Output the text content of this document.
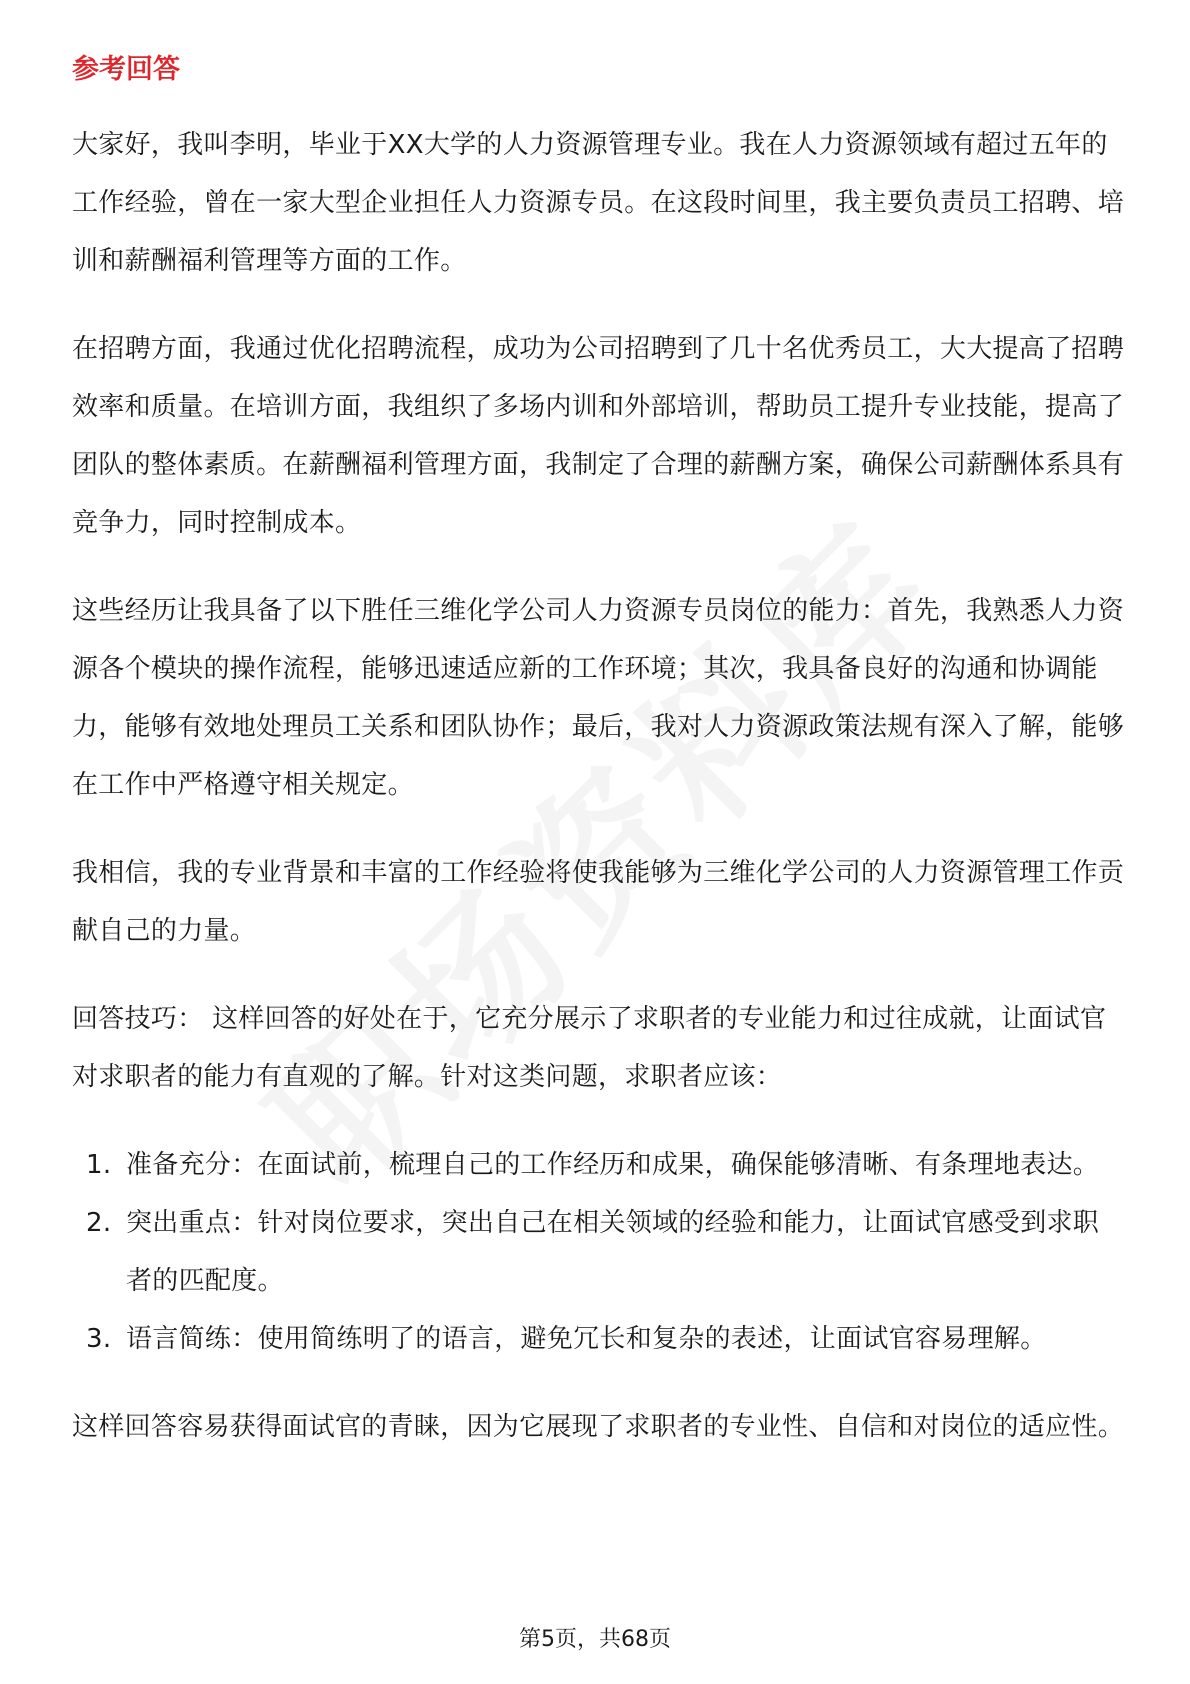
参考回答

大家好，我叫李明，毕业于XX大学的人力资源管理专业。我在人力资源领域有超过五年的工作经验，曾在一家大型企业担任人力资源专员。在这段时间里，我主要负责员工招聘、培训和薪酬福利管理等方面的工作。

在招聘方面，我通过优化招聘流程，成功为公司招聘到了几十名优秀员工，大大提高了招聘效率和质量。在培训方面，我组织了多场内训和外部培训，帮助员工提升专业技能，提高了团队的整体素质。在薪酬福利管理方面，我制定了合理的薪酬方案，确保公司薪酬体系具有竞争力，同时控制成本。

这些经历让我具备了以下胜任三维化学公司人力资源专员岗位的能力：首先，我熟悉人力资源各个模块的操作流程，能够迅速适应新的工作环境；其次，我具备良好的沟通和协调能力，能够有效地处理员工关系和团队协作；最后，我对人力资源政策法规有深入了解，能够在工作中严格遵守相关规定。

我相信，我的专业背景和丰富的工作经验将使我能够为三维化学公司的人力资源管理工作贡献自己的力量。

回答技巧： 这样回答的好处在于，它充分展示了求职者的专业能力和过往成就，让面试官对求职者的能力有直观的了解。针对这类问题，求职者应该：

1. 准备充分：在面试前，梳理自己的工作经历和成果，确保能够清晰、有条理地表达。
2. 突出重点：针对岗位要求，突出自己在相关领域的经验和能力，让面试官感受到求职者的匹配度。
3. 语言简练：使用简练明了的语言，避免冗长和复杂的表述，让面试官容易理解。

这样回答容易获得面试官的青睐，因为它展现了求职者的专业性、自信和对岗位的适应性。

第5页，共68页
